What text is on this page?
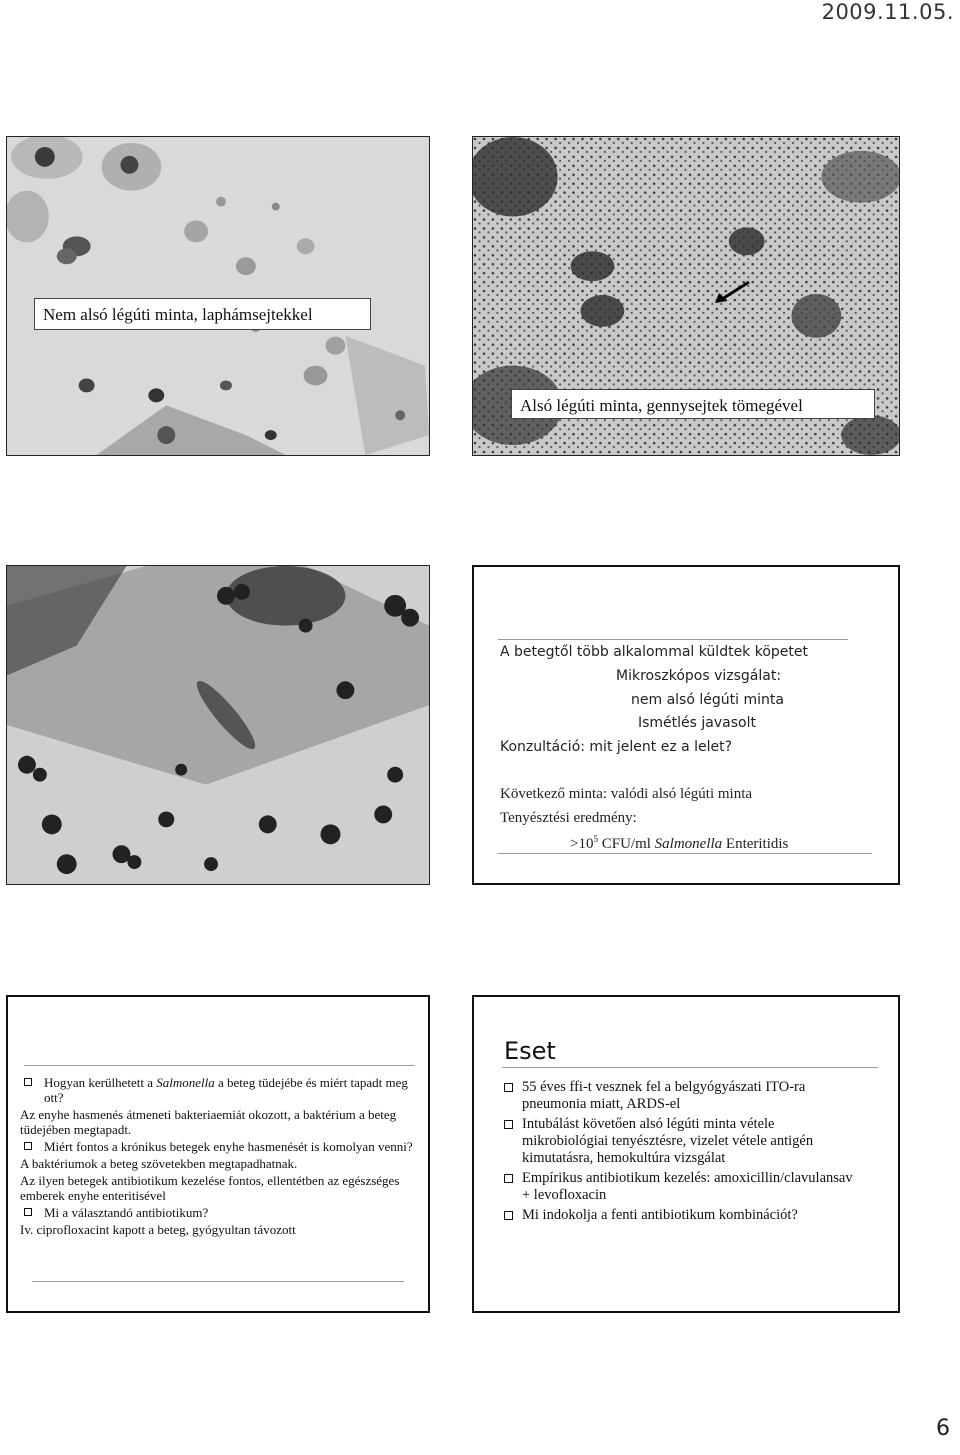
2009.11.05.
Nem alsó légúti minta, laphámsejtekkel
Alsó légúti minta, gennysejtek tömegével
A betegtől több alkalommal küldtek köpetet
Mikroszkópos vizsgálat:
nem alsó légúti minta
Ismétlés javasolt
Konzultáció: mit jelent ez a lelet?
Következő minta: valódi alsó légúti minta
Tenyésztési eredmény:
$>10^5$ CFU/ml Salmonella Enteritidis
Hogyan kerülhetett a Salmonella a beteg tüdejébe és miért tapadt meg ott?
Az enyhe hasmenés átmeneti bakteriaemiát okozott, a baktérium a beteg tüdejében megtapadt.
Miért fontos a krónikus betegek enyhe hasmenését is komolyan venni?
A baktériumok a beteg szövetekben megtapadhatnak.
Az ilyen betegek antibiotikum kezelése fontos, ellentétben az egészséges emberek enyhe enteritisével
Mi a választandó antibiotikum?
Iv. ciprofloxacint kapott a beteg, gyógyultan távozott
Eset
55 éves ffi-t vesznek fel a belgyógyászati ITO-ra pneumonia miatt, ARDS-el
Intubálást követően alsó légúti minta vétele mikrobiológiai tenyésztésre, vizelet vétele antigén kimutatásra, hemokultúra vizsgálat
Empírikus antibiotikum kezelés: amoxicillin/clavulansav + levofloxacin
Mi indokolja a fenti antibiotikum kombinációt?
6
